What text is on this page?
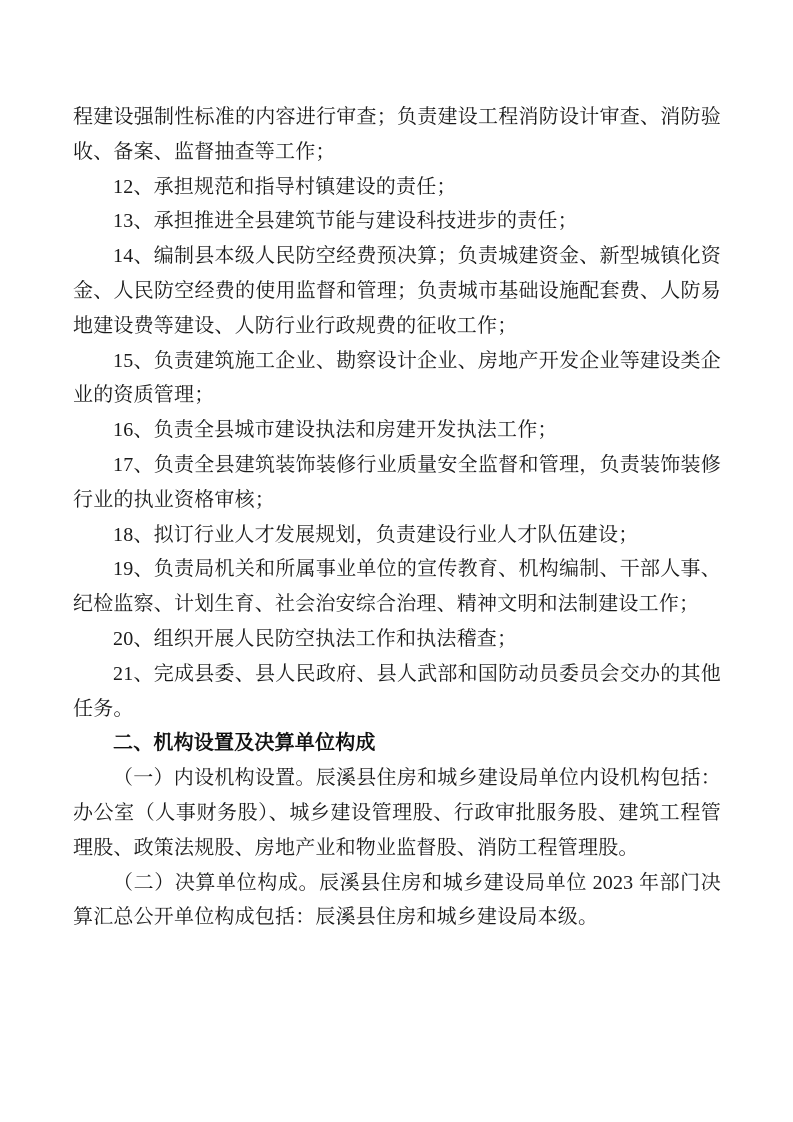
程建设强制性标准的内容进行审查；负责建设工程消防设计审查、消防验收、备案、监督抽查等工作；

12、承担规范和指导村镇建设的责任；

13、承担推进全县建筑节能与建设科技进步的责任；

14、编制县本级人民防空经费预决算；负责城建资金、新型城镇化资金、人民防空经费的使用监督和管理；负责城市基础设施配套费、人防易地建设费等建设、人防行业行政规费的征收工作；

15、负责建筑施工企业、勘察设计企业、房地产开发企业等建设类企业的资质管理；

16、负责全县城市建设执法和房建开发执法工作；

17、负责全县建筑装饰装修行业质量安全监督和管理，负责装饰装修行业的执业资格审核；

18、拟订行业人才发展规划，负责建设行业人才队伍建设；

19、负责局机关和所属事业单位的宣传教育、机构编制、干部人事、纪检监察、计划生育、社会治安综合治理、精神文明和法制建设工作；

20、组织开展人民防空执法工作和执法稽查；

21、完成县委、县人民政府、县人武部和国防动员委员会交办的其他任务。

二、机构设置及决算单位构成

（一）内设机构设置。辰溪县住房和城乡建设局单位内设机构包括：办公室（人事财务股）、城乡建设管理股、行政审批服务股、建筑工程管理股、政策法规股、房地产业和物业监督股、消防工程管理股。

（二）决算单位构成。辰溪县住房和城乡建设局单位 2023 年部门决算汇总公开单位构成包括：辰溪县住房和城乡建设局本级。
